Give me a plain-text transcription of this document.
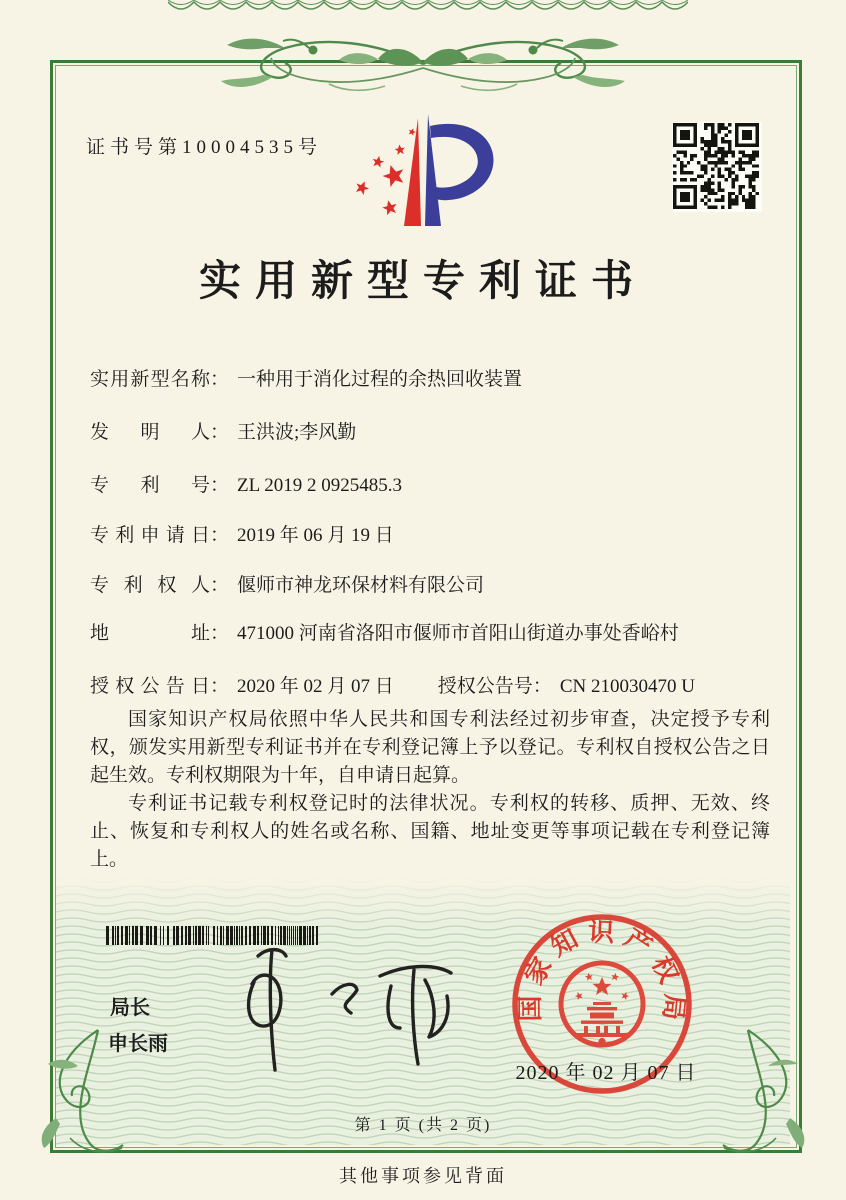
证书号第10004535号
实用新型专利证书
实用新型名称： 一种用于消化过程的余热回收装置
发明人： 王洪波;李风勤
专利号： ZL 2019 2 0925485.3
专利申请日： 2019 年 06 月 19 日
专利权人： 偃师市神龙环保材料有限公司
地址： 471000 河南省洛阳市偃师市首阳山街道办事处香峪村
授权公告日： 2020 年 02 月 07 日 授权公告号： CN 210030470 U

国家知识产权局依照中华人民共和国专利法经过初步审查，决定授予专利权，颁发实用新型专利证书并在专利登记簿上予以登记。专利权自授权公告之日起生效。专利权期限为十年，自申请日起算。

专利证书记载专利权登记时的法律状况。专利权的转移、质押、无效、终止、恢复和专利权人的姓名或名称、国籍、地址变更等事项记载在专利登记簿上。

局长
申长雨
国家知识产权局
2020 年 02 月 07 日
第 1 页 (共 2 页)
其他事项参见背面
